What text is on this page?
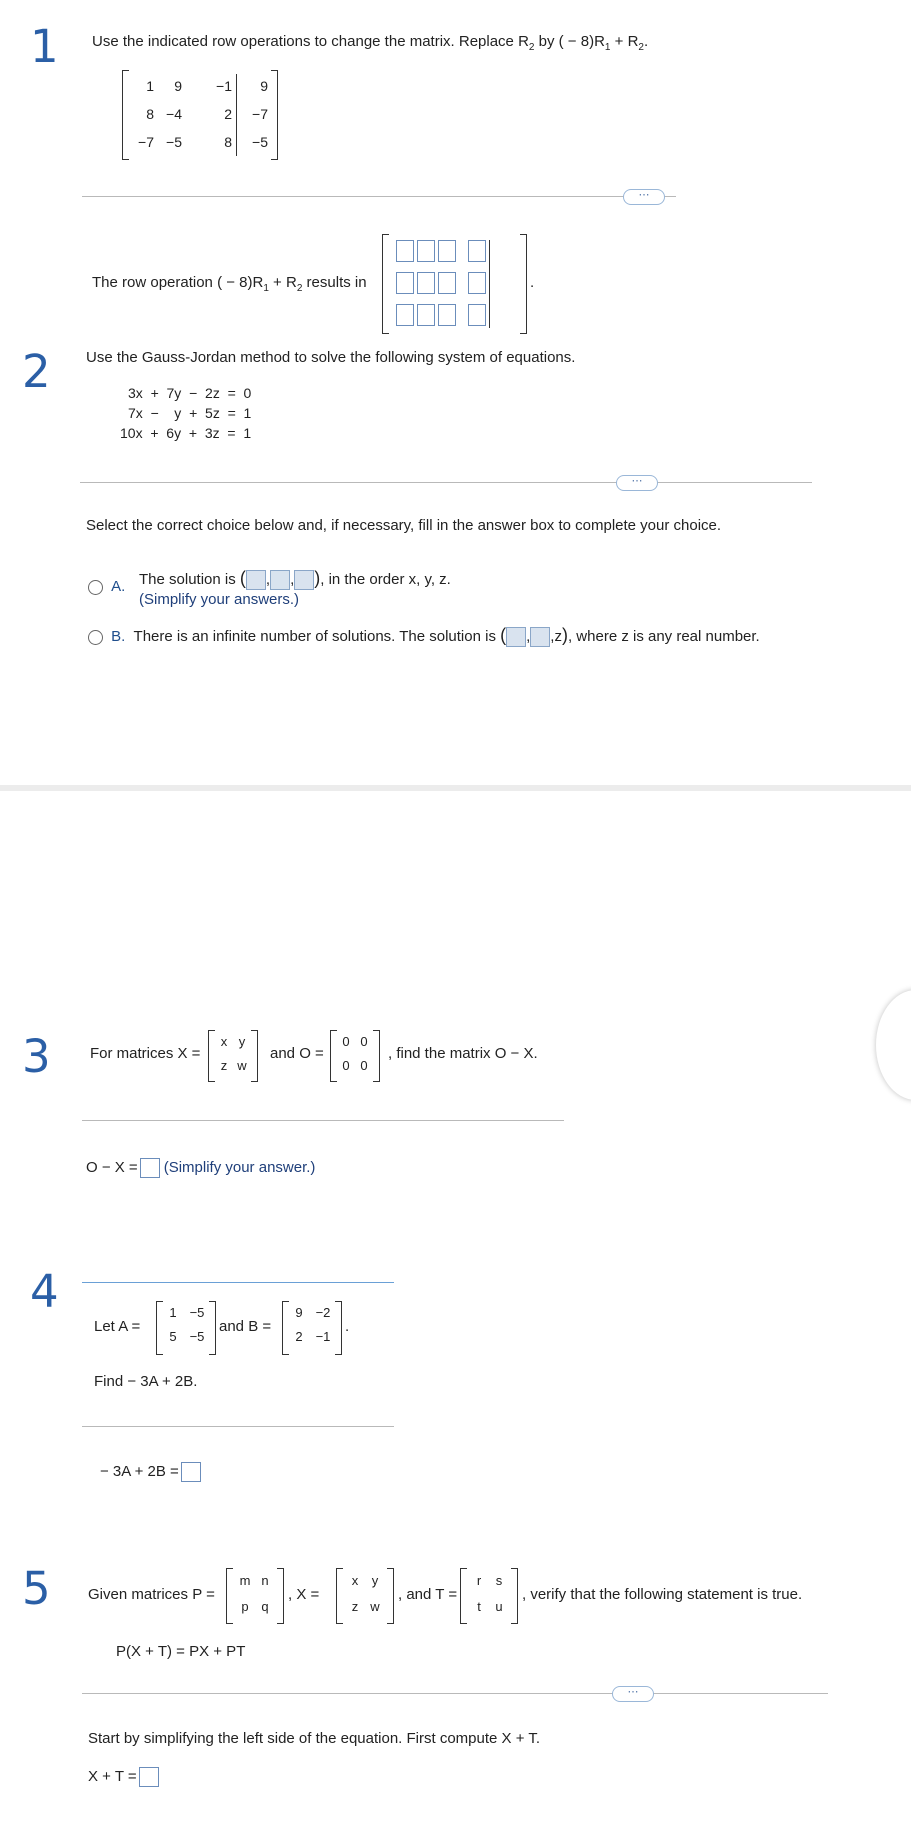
1
2
3
4
5
Use the indicated row operations to change the matrix. Replace $R_2$ by ( − $8)R_1 + R_2$.
1	9	−1	9
8 −4	2	−7
−7 −5	8	−5
⋯
The row operation ( − $8)R_1 + R_2$ results in	.
Use the Gauss-Jordan method to solve the following system of equations.
3x  +  7y  −  2z  =  0
7x  −    y  +  5z  =  1
10x  +  6y  +  3z  =  1
⋯
Select the correct choice below and, if necessary, fill in the answer box to complete your choice.
A. The solution is ( , , ), in the order x, y, z.
(Simplify your answers.)
B. There is an infinite number of solutions. The solution is ( , ,z), where z is any real number.
For matrices X =
x y
z w
and O =
0 0
0 0
, find the matrix O − X.
O − X = (Simplify your answer.)
Let A =
1 −5
5 −5
and B =
9 −2
2 −1
.
Find − 3A + 2B.
− 3A + 2B =
Given matrices P =
m n
p q
, X =
x	y
z w
, and T =
r	s
t	u
, verify that the following statement is true.
P(X + T) = PX + PT
⋯
Start by simplifying the left side of the equation. First compute X + T.
X + T =
